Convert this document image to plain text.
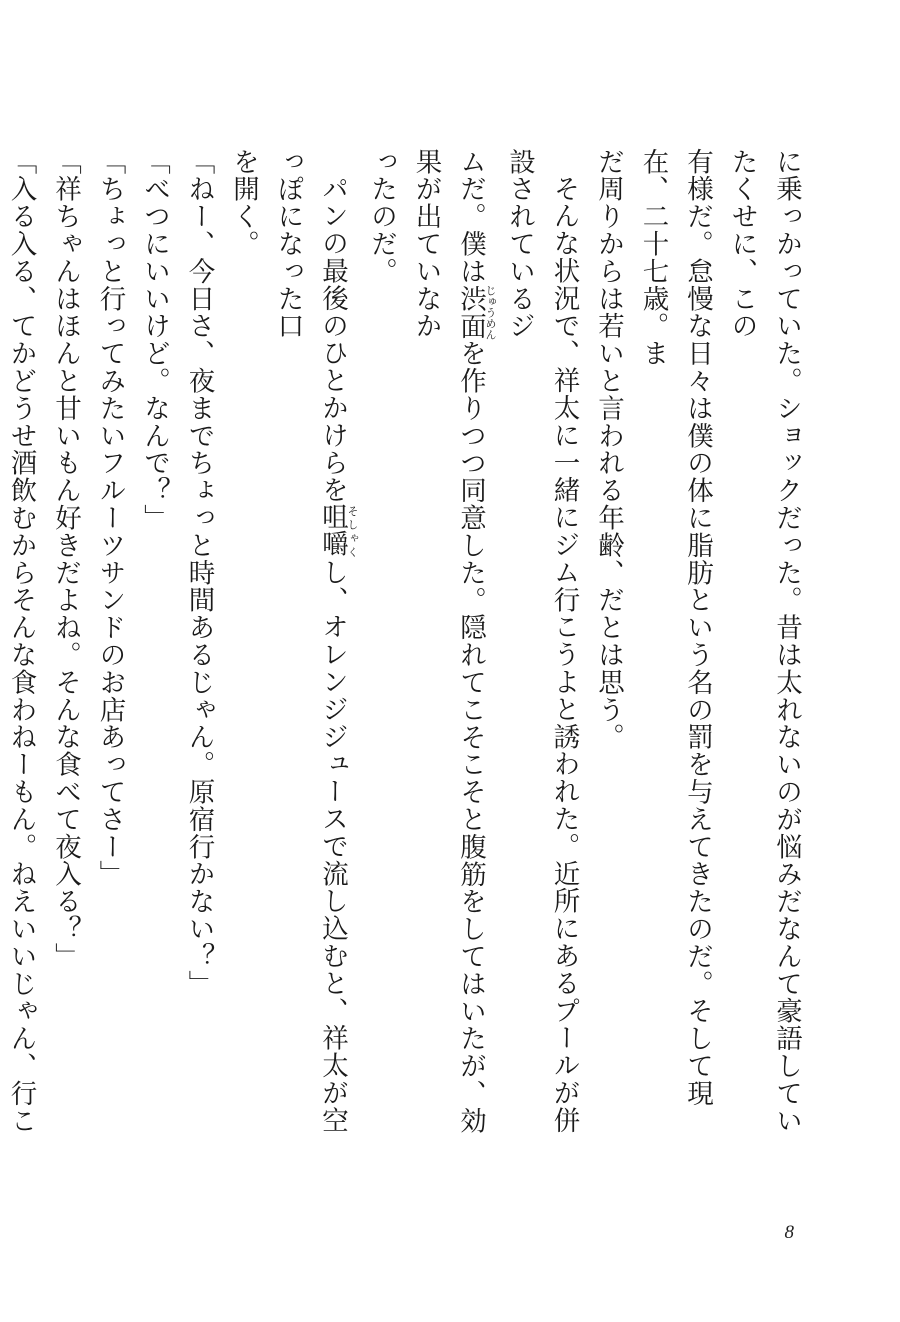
に乗っかっていた。ショックだった。昔は太れないのが悩みだなんて豪語していたくせに、この

有様だ。怠慢な日々は僕の体に脂肪という名の罰を与えてきたのだ。そして現在、二十七歳。ま

だ周りからは若いと言われる年齢、だとは思う。

そんな状況で、祥太に一緒にジム行こうよと誘われた。近所にあるプールが併設されているジ

ムだ。僕は渋面じゅうめんを作りつつ同意した。隠れてこそこそと腹筋をしてはいたが、効果が出ていなか

ったのだ。

パンの最後のひとかけらを咀嚼そしゃくし、オレンジジュースで流し込むと、祥太が空っぽになった口

を開く。

「ねー、今日さ、夜までちょっと時間あるじゃん。原宿行かない？」

「べつにいいけど。なんで？」

「ちょっと行ってみたいフルーツサンドのお店あってさー」

「祥ちゃんはほんと甘いもん好きだよね。そんな食べて夜入る？」

「入る入る、てかどうせ酒飲むからそんな食わねーもん。ねえいいじゃん、行こ

8
